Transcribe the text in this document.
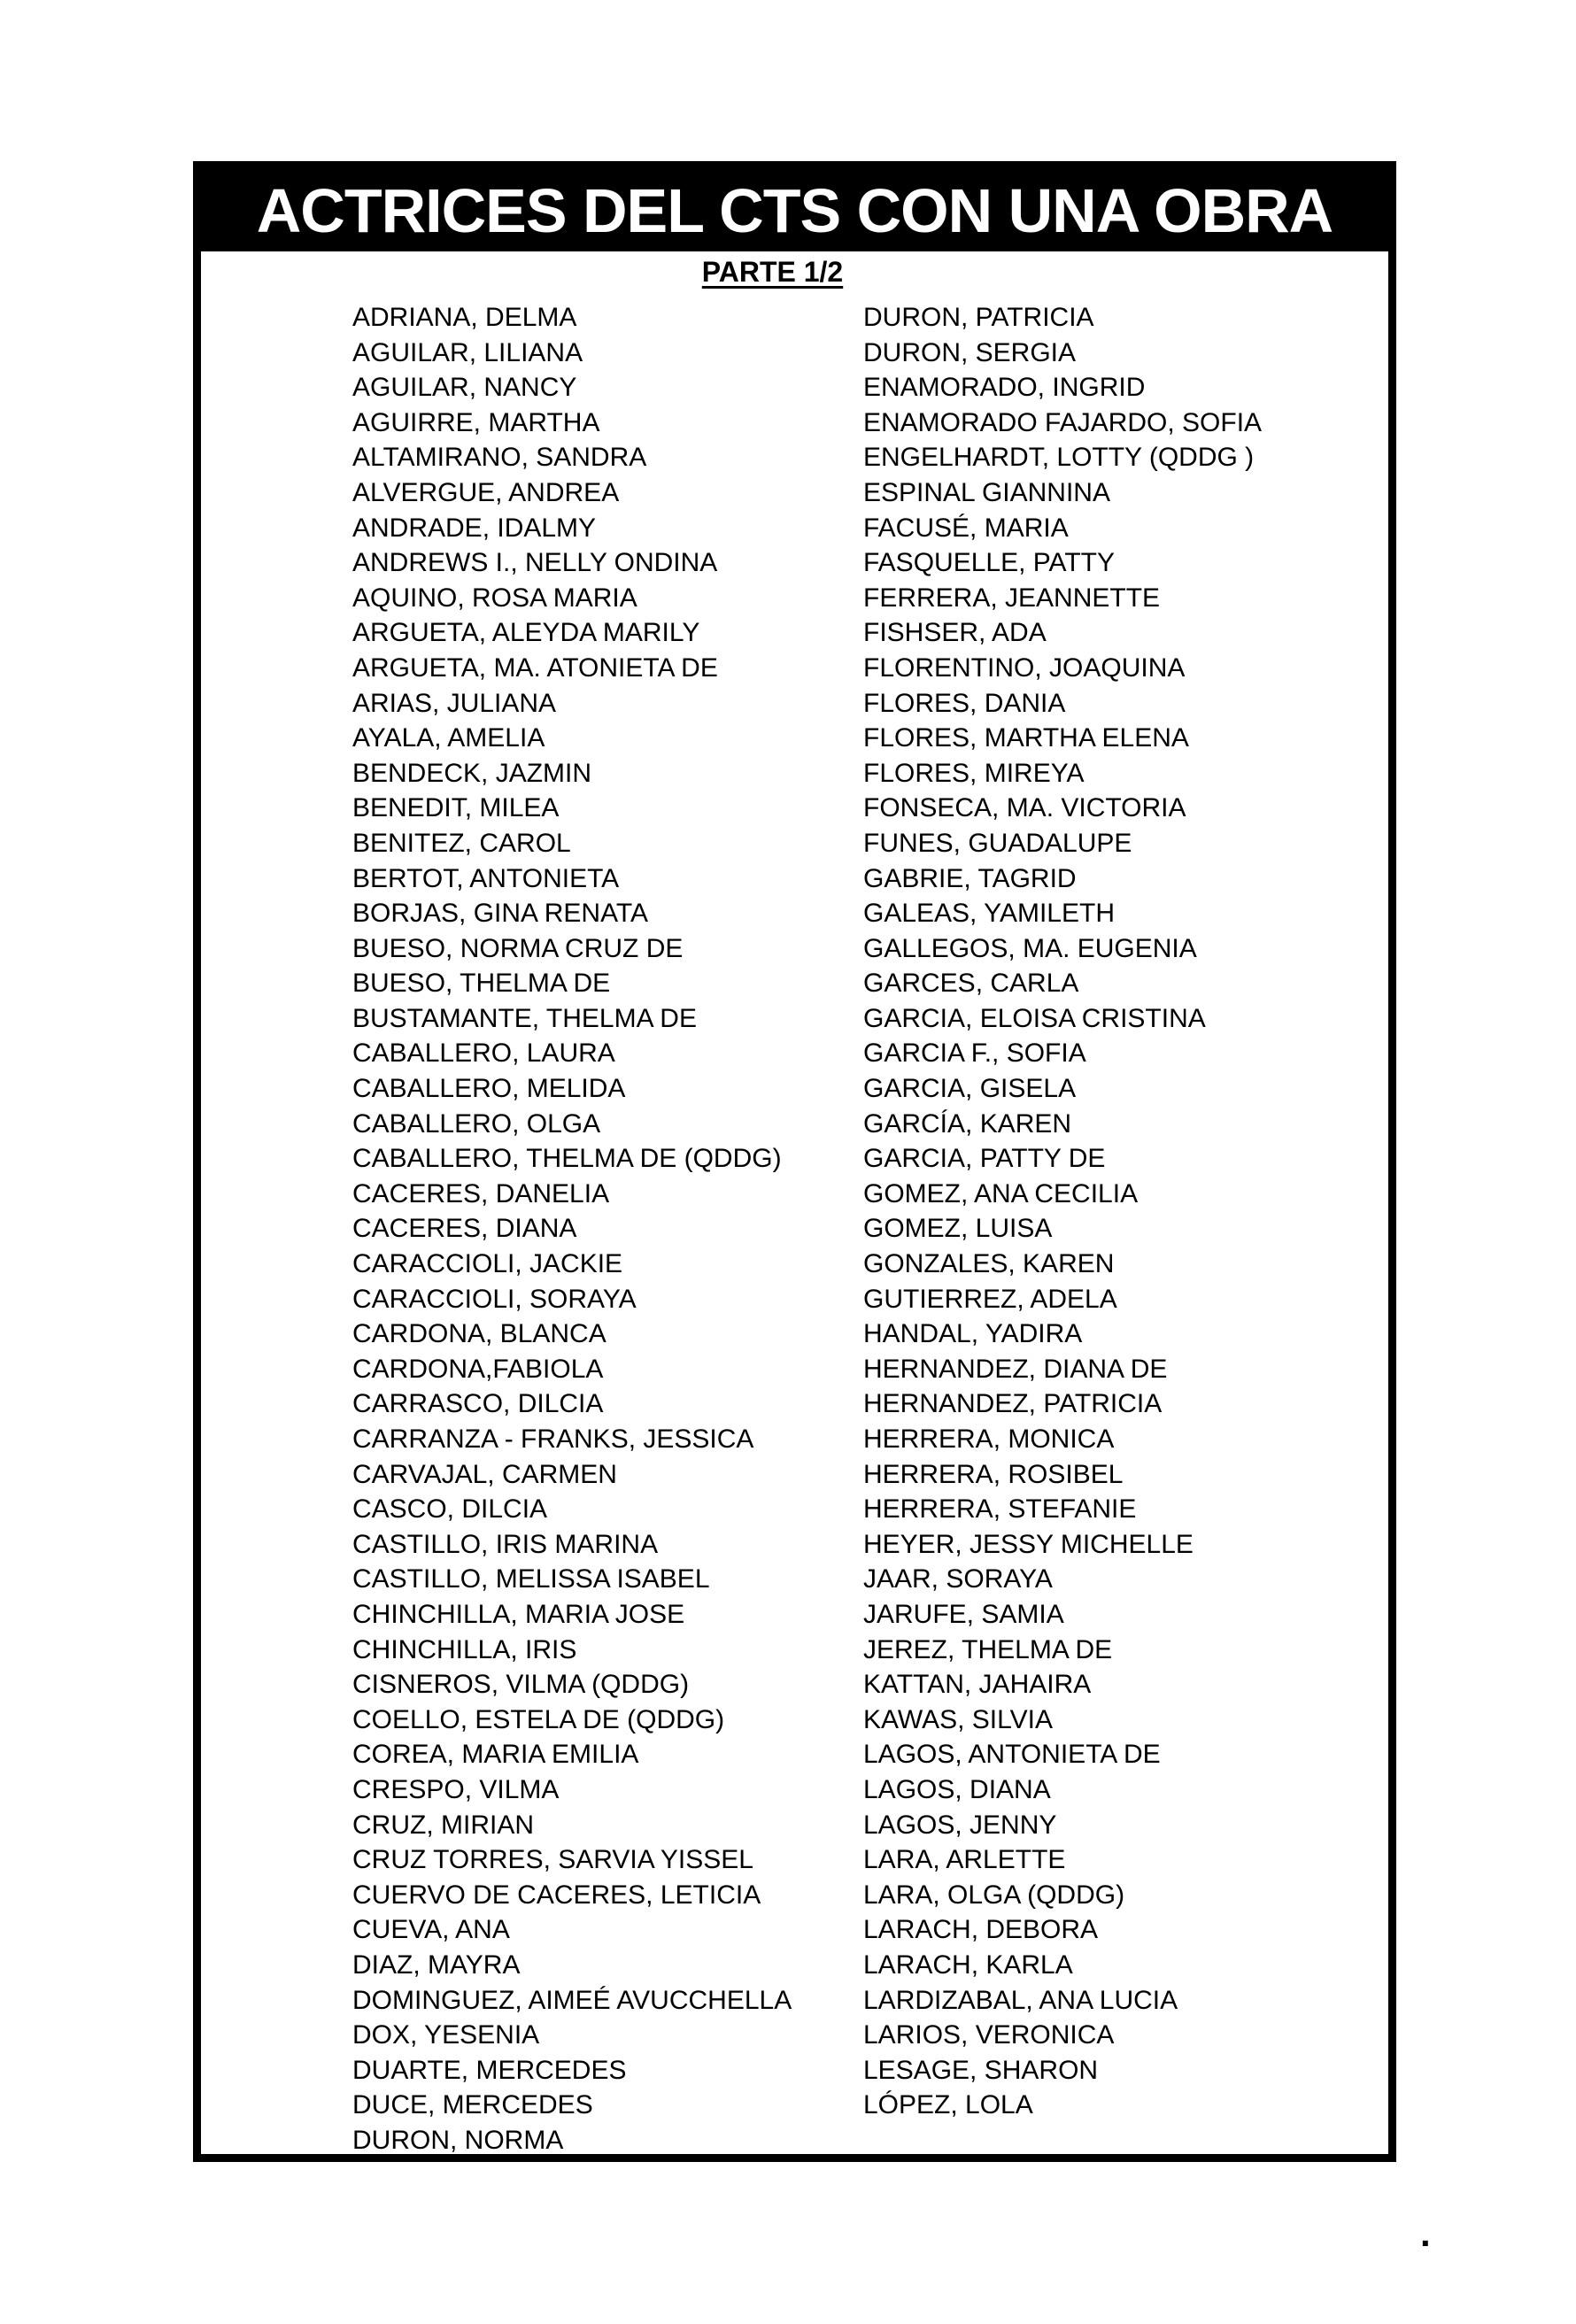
ACTRICES DEL CTS CON UNA OBRA
PARTE 1/2
ADRIANA, DELMA
AGUILAR, LILIANA
AGUILAR, NANCY
AGUIRRE, MARTHA
ALTAMIRANO, SANDRA
ALVERGUE, ANDREA
ANDRADE, IDALMY
ANDREWS I., NELLY ONDINA
AQUINO, ROSA MARIA
ARGUETA, ALEYDA MARILY
ARGUETA, MA. ATONIETA DE
ARIAS, JULIANA
AYALA, AMELIA
BENDECK, JAZMIN
BENEDIT, MILEA
BENITEZ, CAROL
BERTOT, ANTONIETA
BORJAS, GINA RENATA
BUESO, NORMA CRUZ DE
BUESO, THELMA DE
BUSTAMANTE, THELMA DE
CABALLERO, LAURA
CABALLERO, MELIDA
CABALLERO, OLGA
CABALLERO, THELMA DE (QDDG)
CACERES, DANELIA
CACERES, DIANA
CARACCIOLI, JACKIE
CARACCIOLI, SORAYA
CARDONA, BLANCA
CARDONA,FABIOLA
CARRASCO, DILCIA
CARRANZA - FRANKS, JESSICA
CARVAJAL, CARMEN
CASCO, DILCIA
CASTILLO, IRIS MARINA
CASTILLO, MELISSA ISABEL
CHINCHILLA, MARIA JOSE
CHINCHILLA, IRIS
CISNEROS, VILMA (QDDG)
COELLO, ESTELA DE (QDDG)
COREA, MARIA EMILIA
CRESPO, VILMA
CRUZ, MIRIAN
CRUZ TORRES, SARVIA YISSEL
CUERVO DE CACERES, LETICIA
CUEVA, ANA
DIAZ, MAYRA
DOMINGUEZ, AIMEÉ AVUCCHELLA
DOX, YESENIA
DUARTE, MERCEDES
DUCE, MERCEDES
DURON, NORMA
DURON, PATRICIA
DURON, SERGIA
ENAMORADO, INGRID
ENAMORADO FAJARDO, SOFIA
ENGELHARDT, LOTTY (QDDG )
ESPINAL GIANNINA
FACUSÉ, MARIA
FASQUELLE, PATTY
FERRERA, JEANNETTE
FISHSER, ADA
FLORENTINO, JOAQUINA
FLORES, DANIA
FLORES, MARTHA ELENA
FLORES, MIREYA
FONSECA, MA. VICTORIA
FUNES, GUADALUPE
GABRIE, TAGRID
GALEAS, YAMILETH
GALLEGOS, MA. EUGENIA
GARCES, CARLA
GARCIA, ELOISA CRISTINA
GARCIA F., SOFIA
GARCIA, GISELA
GARCÍA, KAREN
GARCIA, PATTY DE
GOMEZ, ANA CECILIA
GOMEZ, LUISA
GONZALES, KAREN
GUTIERREZ, ADELA
HANDAL, YADIRA
HERNANDEZ, DIANA DE
HERNANDEZ, PATRICIA
HERRERA, MONICA
HERRERA, ROSIBEL
HERRERA, STEFANIE
HEYER, JESSY MICHELLE
JAAR, SORAYA
JARUFE, SAMIA
JEREZ, THELMA DE
KATTAN, JAHAIRA
KAWAS, SILVIA
LAGOS, ANTONIETA DE
LAGOS, DIANA
LAGOS, JENNY
LARA, ARLETTE
LARA, OLGA (QDDG)
LARACH, DEBORA
LARACH, KARLA
LARDIZABAL, ANA LUCIA
LARIOS, VERONICA
LESAGE, SHARON
LÓPEZ, LOLA
.
